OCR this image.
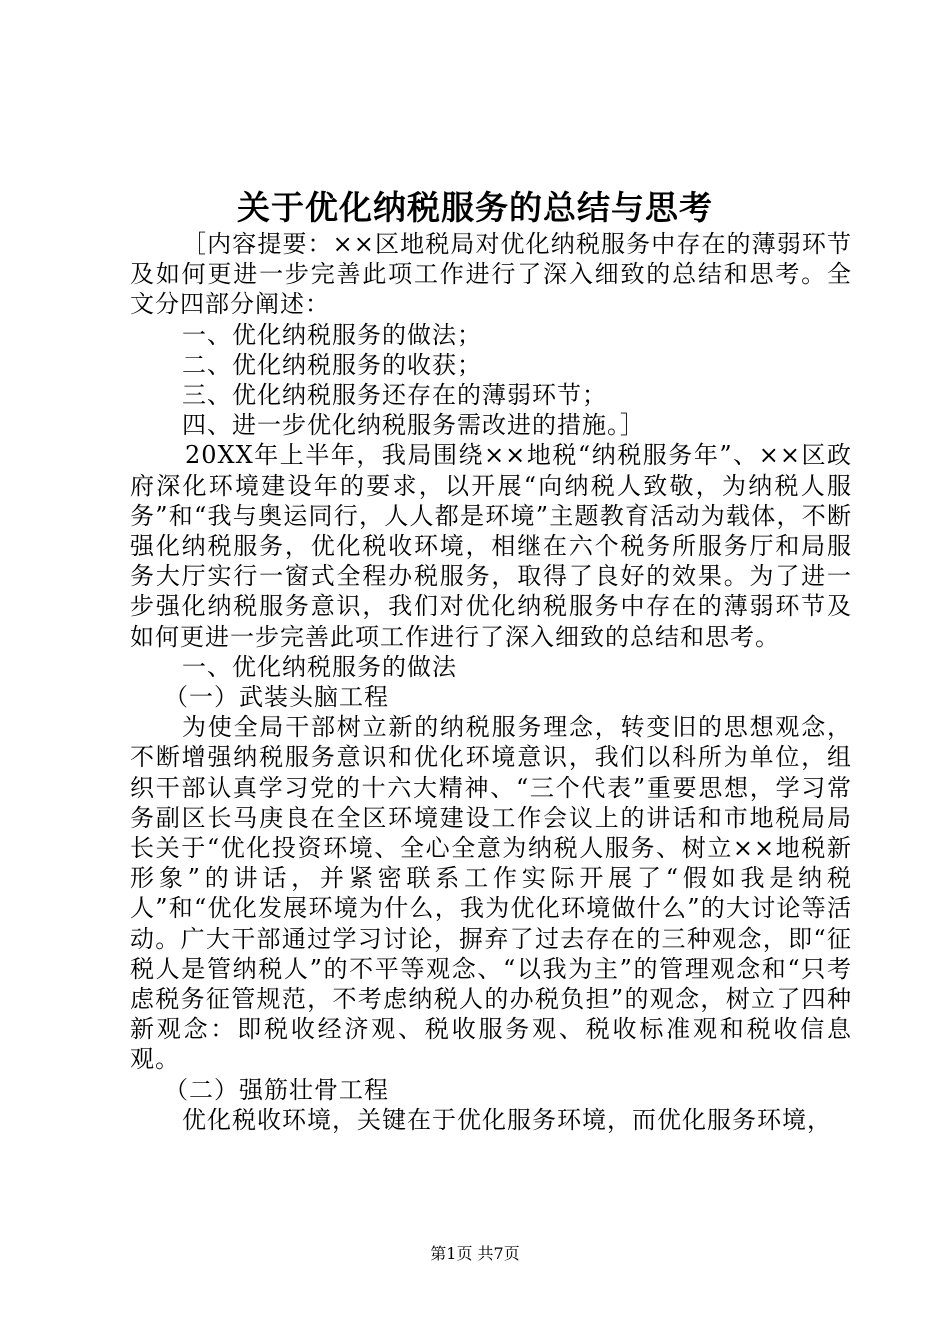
关于优化纳税服务的总结与思考

［内容提要：××区地税局对优化纳税服务中存在的薄弱环节及如何更进一步完善此项工作进行了深入细致的总结和思考。全文分四部分阐述：

一、优化纳税服务的做法；

二、优化纳税服务的收获；

三、优化纳税服务还存在的薄弱环节；

四、进一步优化纳税服务需改进的措施。］

20XX年上半年，我局围绕××地税“纳税服务年”、××区政府深化环境建设年的要求，以开展“向纳税人致敬，为纳税人服务”和“我与奥运同行，人人都是环境”主题教育活动为载体，不断强化纳税服务，优化税收环境，相继在六个税务所服务厅和局服务大厅实行一窗式全程办税服务，取得了良好的效果。为了进一步强化纳税服务意识，我们对优化纳税服务中存在的薄弱环节及如何更进一步完善此项工作进行了深入细致的总结和思考。

一、优化纳税服务的做法

（一）武装头脑工程

为使全局干部树立新的纳税服务理念，转变旧的思想观念，不断增强纳税服务意识和优化环境意识，我们以科所为单位，组织干部认真学习党的十六大精神、“三个代表”重要思想，学习常务副区长马庚良在全区环境建设工作会议上的讲话和市地税局局长关于“优化投资环境、全心全意为纳税人服务、树立××地税新形象”的讲话，并紧密联系工作实际开展了“假如我是纳税人”和“优化发展环境为什么，我为优化环境做什么”的大讨论等活动。广大干部通过学习讨论，摒弃了过去存在的三种观念，即“征税人是管纳税人”的不平等观念、“以我为主”的管理观念和“只考虑税务征管规范，不考虑纳税人的办税负担”的观念，树立了四种新观念：即税收经济观、税收服务观、税收标准观和税收信息观。

（二）强筋壮骨工程

优化税收环境，关键在于优化服务环境，而优化服务环境，

第1页 共7页
